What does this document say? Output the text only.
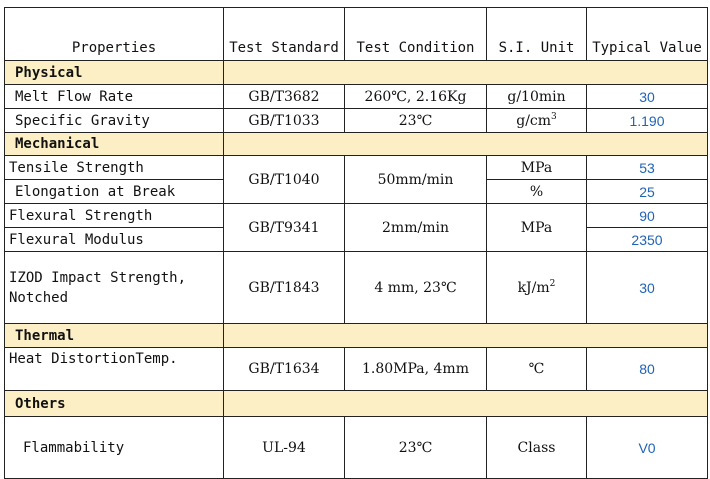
Properties	Test Standard	Test Condition	S.I. Unit	Typical Value
Physical				
Melt Flow Rate	GB/T3682	260℃, 2.16Kg	g/10min	30
Specific Gravity	GB/T1033	23℃	$g/cm^3$	1.190
Mechanical				
Tensile Strength	GB/T1040	50mm/min	MPa	53
Elongation at Break			%	25
Flexural Strength	GB/T9341	2mm/min	MPa	90
Flexural Modulus				2350
IZOD Impact Strength, Notched	GB/T1843	4 mm, 23℃	$kJ/m^2$	30
Thermal				
Heat DistortionTemp.	GB/T1634	1.80MPa, 4mm	℃	80
Others				
Flammability	UL-94	23℃	Class	V0
